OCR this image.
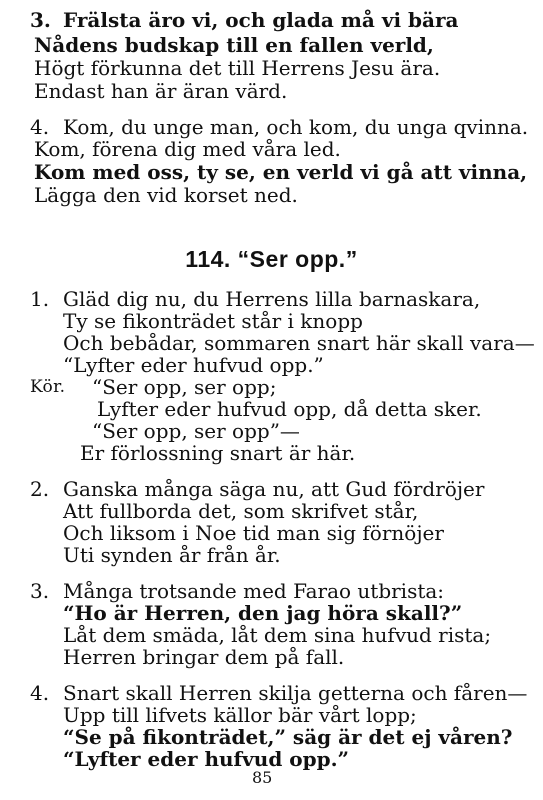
3. Frälsta äro vi, och glada må vi bära
Nådens budskap till en fallen verld,
Högt förkunna det till Herrens Jesu ära.
Endast han är äran värd.
4. Kom, du unge man, och kom, du unga qvinna.
Kom, förena dig med våra led.
Kom med oss, ty se, en verld vi gå att vinna,
Lägga den vid korset ned.
114. “Ser opp.”
1. Gläd dig nu, du Herrens lilla barnaskara,
Ty se fikonträdet står i knopp
Och bebådar, sommaren snart här skall vara—
“Lyfter eder hufvud opp.”
Kör. “Ser opp, ser opp;
Lyfter eder hufvud opp, då detta sker.
“Ser opp, ser opp”—
Er förlossning snart är här.
2. Ganska många säga nu, att Gud fördröjer
Att fullborda det, som skrifvet står,
Och liksom i Noe tid man sig förnöjer
Uti synden år från år.
3. Många trotsande med Farao utbrista:
“Ho är Herren, den jag höra skall?”
Låt dem smäda, låt dem sina hufvud rista;
Herren bringar dem på fall.
4. Snart skall Herren skilja getterna och fåren—
Upp till lifvets källor bär vårt lopp;
“Se på fikonträdet,” säg är det ej våren?
“Lyfter eder hufvud opp.”
85
